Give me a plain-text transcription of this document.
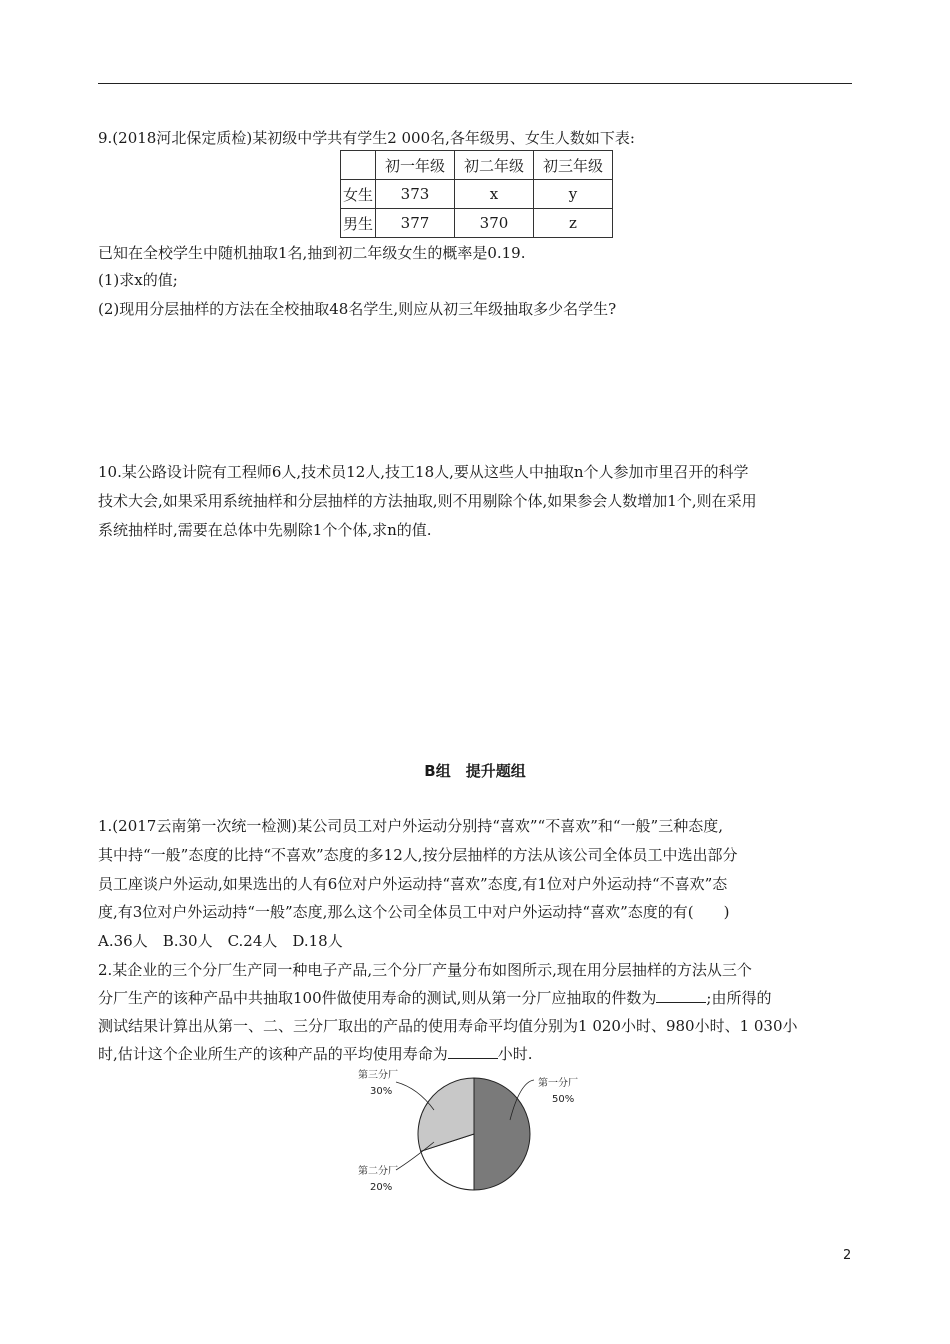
9.(2018河北保定质检)某初级中学共有学生2 000名,各年级男、女生人数如下表:
	初一年级	初二年级	初三年级
女生	373	x	y
男生	377	370	z
已知在全校学生中随机抽取1名,抽到初二年级女生的概率是0.19.
(1)求x的值;
(2)现用分层抽样的方法在全校抽取48名学生,则应从初三年级抽取多少名学生?
10.某公路设计院有工程师6人,技术员12人,技工18人,要从这些人中抽取n个人参加市里召开的科学
技术大会,如果采用系统抽样和分层抽样的方法抽取,则不用剔除个体,如果参会人数增加1个,则在采用
系统抽样时,需要在总体中先剔除1个个体,求n的值.
B组　提升题组
1.(2017云南第一次统一检测)某公司员工对户外运动分别持“喜欢”“不喜欢”和“一般”三种态度,
其中持“一般”态度的比持“不喜欢”态度的多12人,按分层抽样的方法从该公司全体员工中选出部分
员工座谈户外运动,如果选出的人有6位对户外运动持“喜欢”态度,有1位对户外运动持“不喜欢”态
度,有3位对户外运动持“一般”态度,那么这个公司全体员工中对户外运动持“喜欢”态度的有(　　)
A.36人　B.30人　C.24人　D.18人
2.某企业的三个分厂生产同一种电子产品,三个分厂产量分布如图所示,现在用分层抽样的方法从三个
分厂生产的该种产品中共抽取100件做使用寿命的测试,则从第一分厂应抽取的件数为	;由所得的
测试结果计算出从第一、二、三分厂取出的产品的使用寿命平均值分别为1 020小时、980小时、1 030小
时,估计这个企业所生产的该种产品的平均使用寿命为	小时.
第三分厂
30%
第一分厂
50%
第二分厂
20%
2
